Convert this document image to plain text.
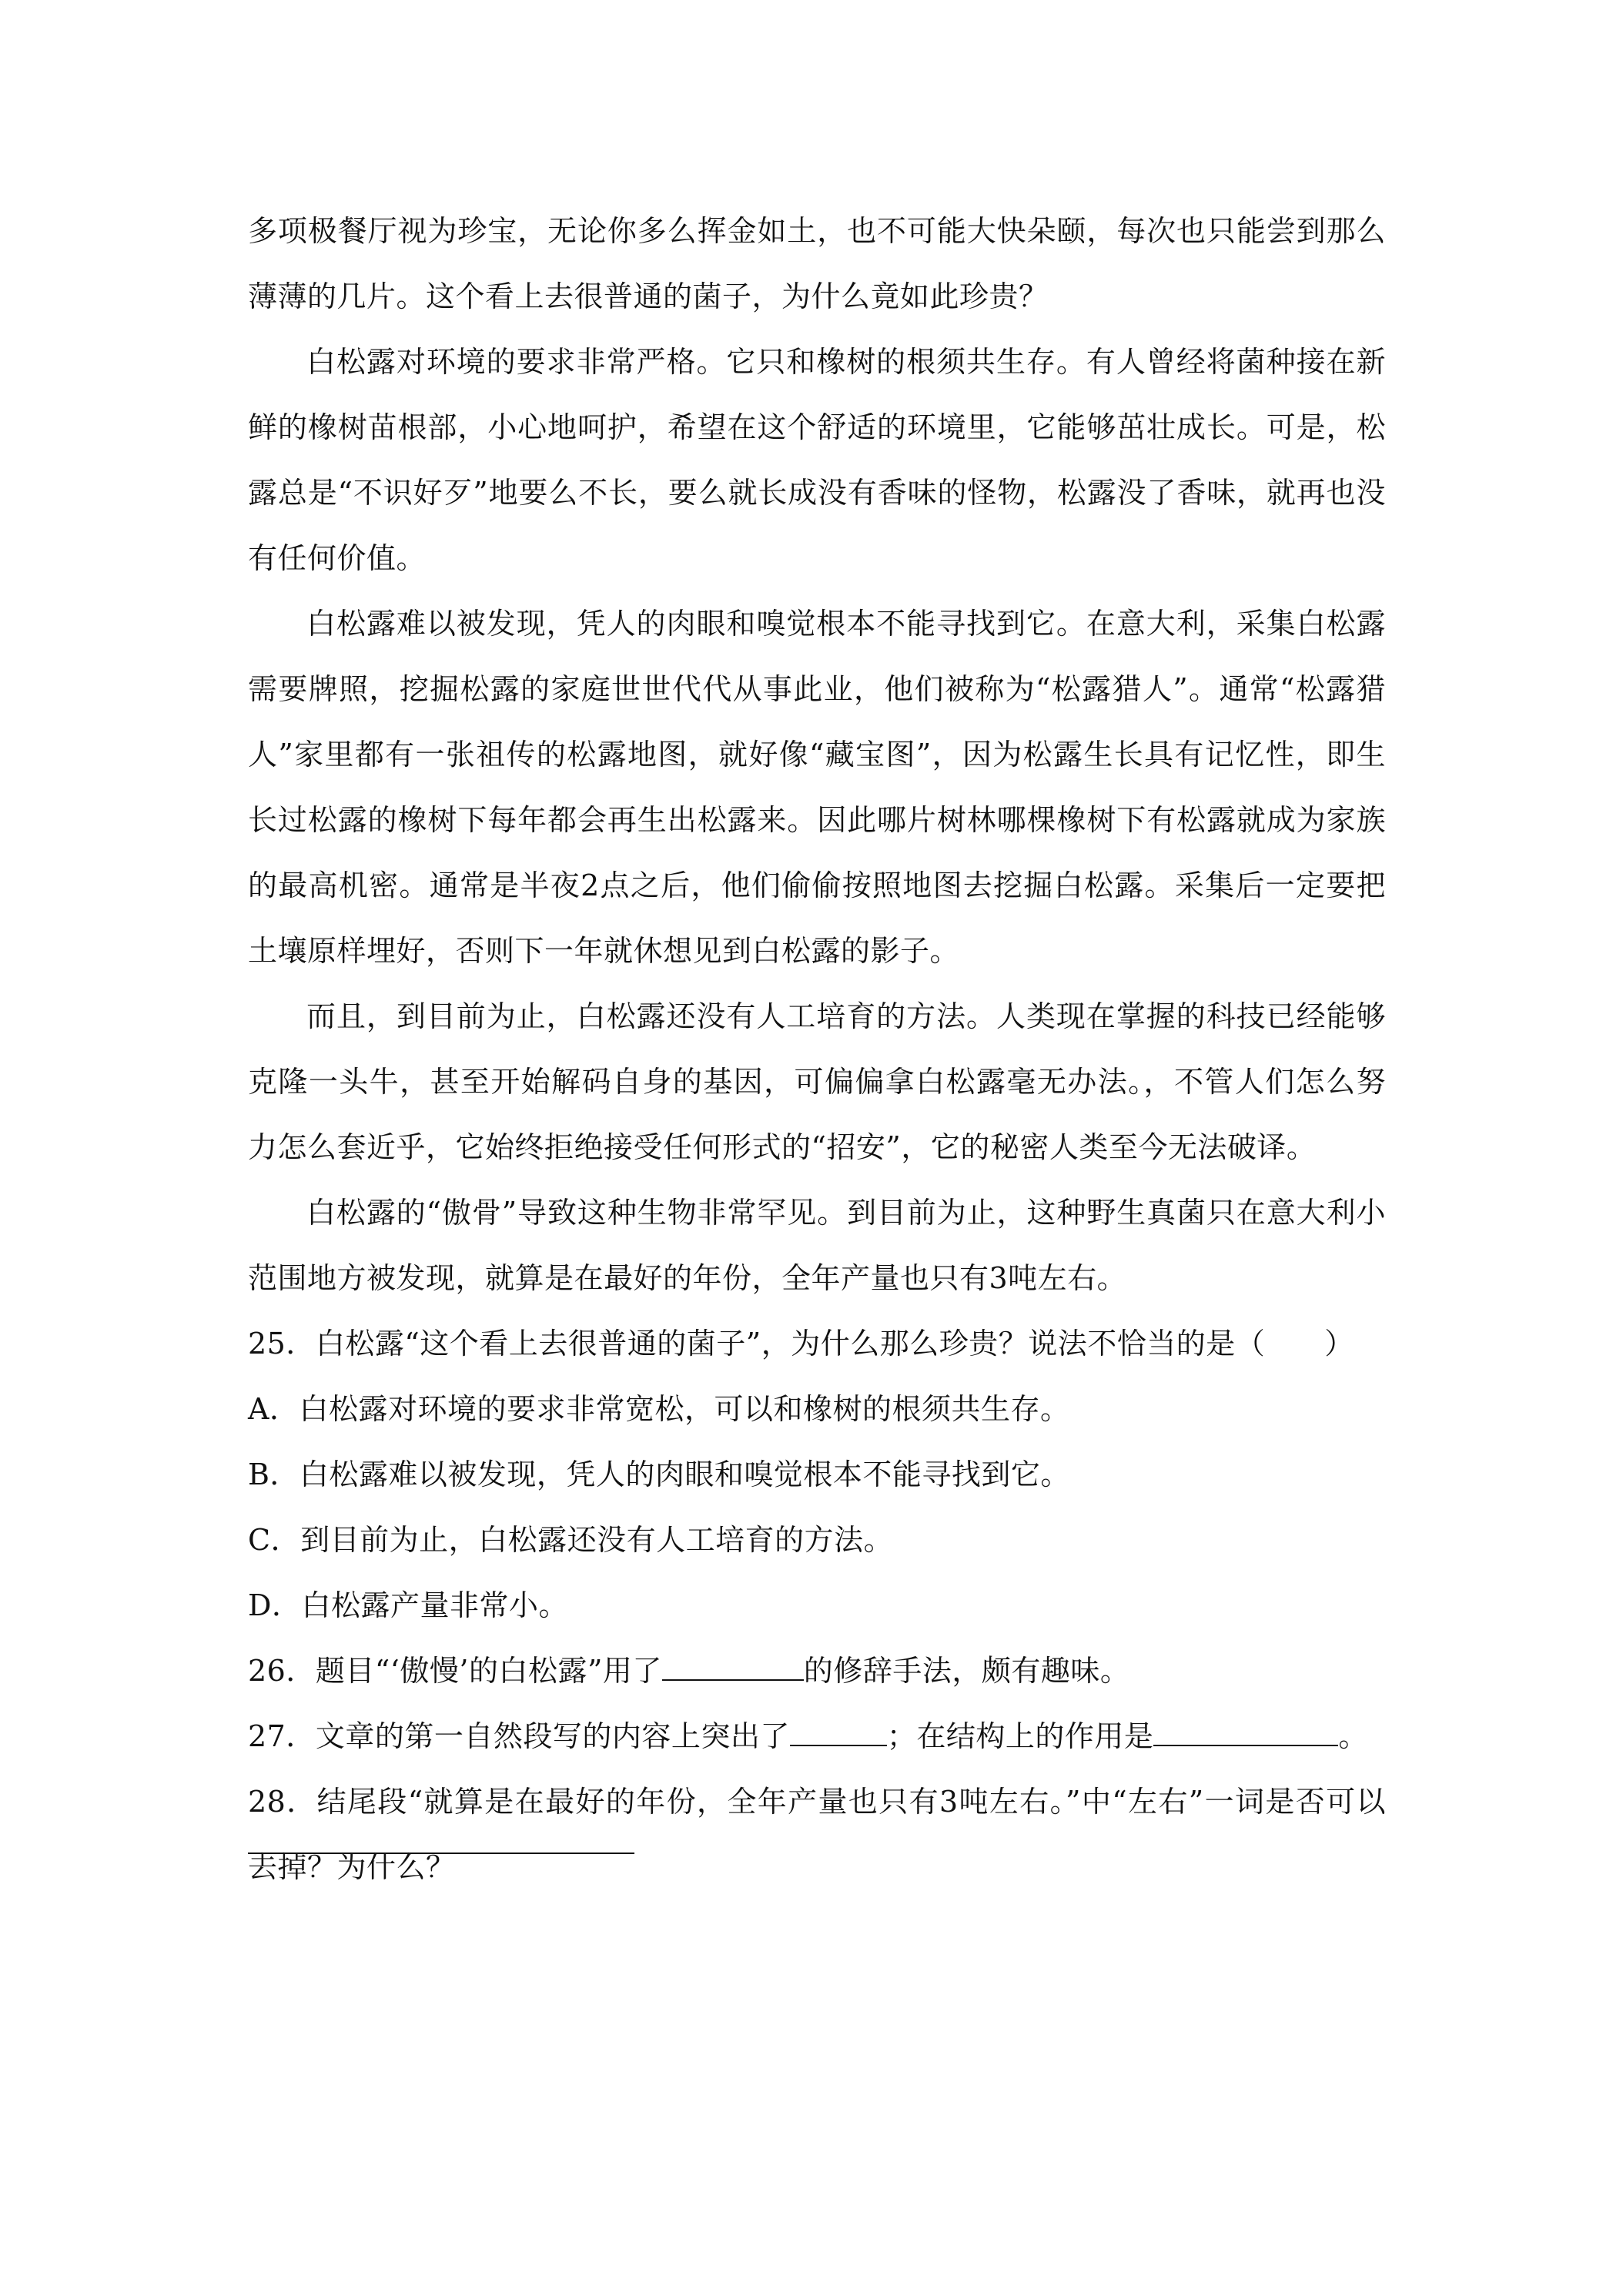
多项极餐厅视为珍宝，无论你多么挥金如土，也不可能大快朵颐，每次也只能尝到那么薄薄的几片。这个看上去很普通的菌子，为什么竟如此珍贵？

白松露对环境的要求非常严格。它只和橡树的根须共生存。有人曾经将菌种接在新鲜的橡树苗根部，小心地呵护，希望在这个舒适的环境里，它能够茁壮成长。可是，松露总是“不识好歹”地要么不长，要么就长成没有香味的怪物，松露没了香味，就再也没有任何价值。

白松露难以被发现，凭人的肉眼和嗅觉根本不能寻找到它。在意大利，采集白松露需要牌照，挖掘松露的家庭世世代代从事此业，他们被称为“松露猎人”。通常“松露猎人”家里都有一张祖传的松露地图，就好像“藏宝图”，因为松露生长具有记忆性，即生长过松露的橡树下每年都会再生出松露来。因此哪片树林哪棵橡树下有松露就成为家族的最高机密。通常是半夜2点之后，他们偷偷按照地图去挖掘白松露。采集后一定要把土壤原样埋好，否则下一年就休想见到白松露的影子。

而且，到目前为止，白松露还没有人工培育的方法。人类现在掌握的科技已经能够克隆一头牛，甚至开始解码自身的基因，可偏偏拿白松露毫无办法。，不管人们怎么努力怎么套近乎，它始终拒绝接受任何形式的“招安”，它的秘密人类至今无法破译。

白松露的“傲骨”导致这种生物非常罕见。到目前为止，这种野生真菌只在意大利小范围地方被发现，就算是在最好的年份，全年产量也只有3吨左右。

25．白松露“这个看上去很普通的菌子”，为什么那么珍贵？说法不恰当的是（　　）

A．白松露对环境的要求非常宽松，可以和橡树的根须共生存。

B．白松露难以被发现，凭人的肉眼和嗅觉根本不能寻找到它。

C．到目前为止，白松露还没有人工培育的方法。

D．白松露产量非常小。

26．题目“‘傲慢’的白松露”用了	的修辞手法，颇有趣味。

27．文章的第一自然段写的内容上突出了	；在结构上的作用是	。

28．结尾段“就算是在最好的年份，全年产量也只有3吨左右。”中“左右”一词是否可以去掉？为什么？
